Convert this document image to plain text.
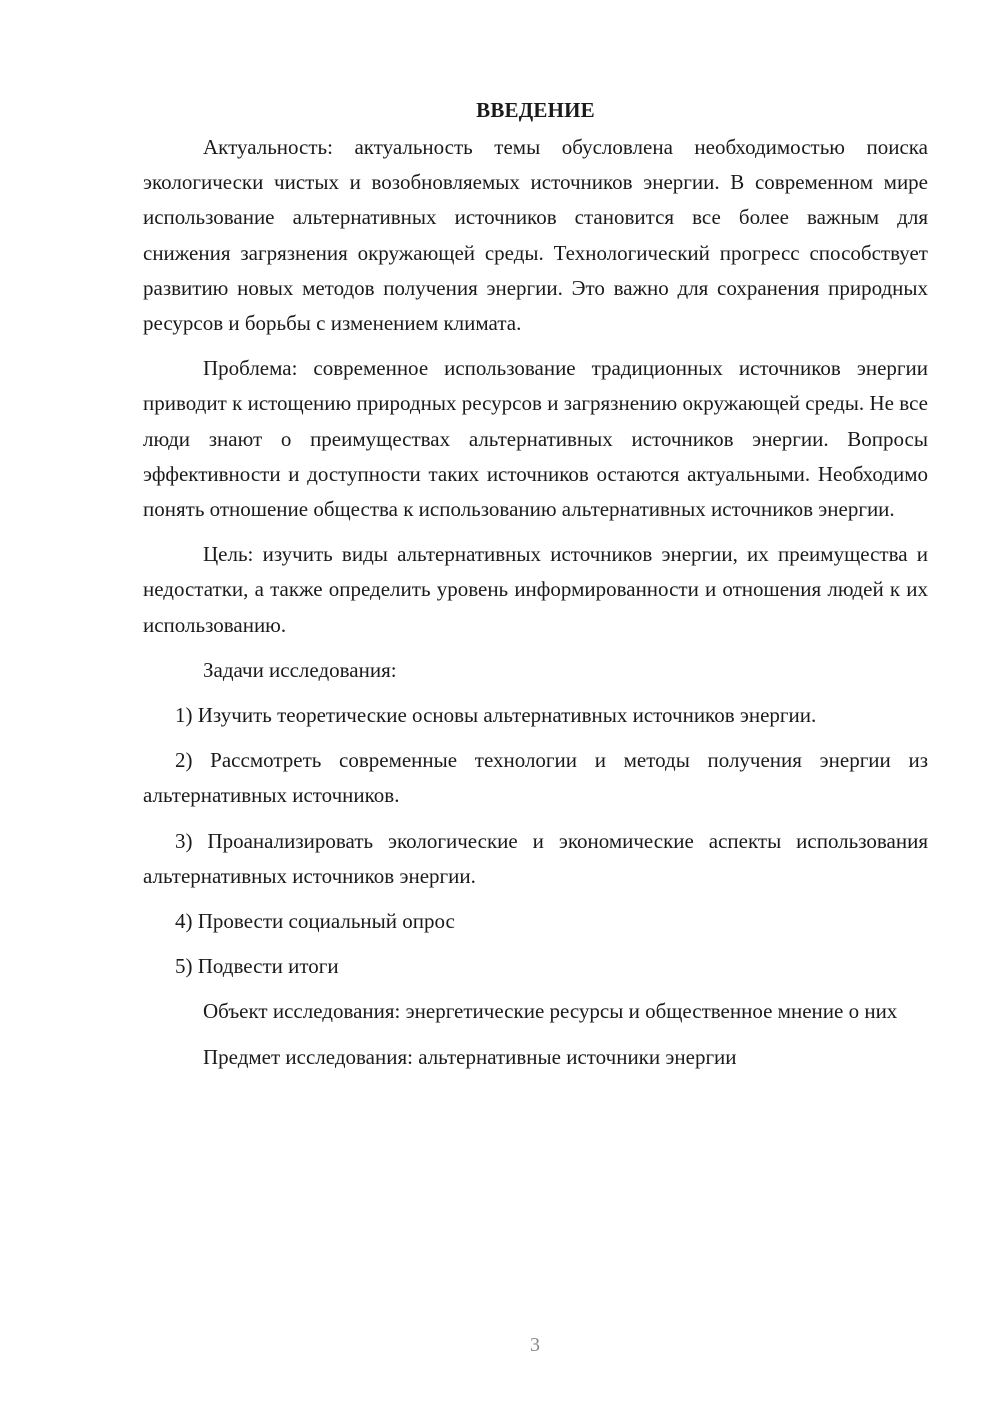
ВВЕДЕНИЕ

Актуальность: актуальность темы обусловлена необходимостью поиска экологически чистых и возобновляемых источников энергии. В современном мире использование альтернативных источников становится все более важным для снижения загрязнения окружающей среды. Технологический прогресс способствует развитию новых методов получения энергии. Это важно для сохранения природных ресурсов и борьбы с изменением климата.

Проблема: современное использование традиционных источников энергии приводит к истощению природных ресурсов и загрязнению окружающей среды. Не все люди знают о преимуществах альтернативных источников энергии. Вопросы эффективности и доступности таких источников остаются актуальными. Необходимо понять отношение общества к использованию альтернативных источников энергии.

Цель: изучить виды альтернативных источников энергии, их преимущества и недостатки, а также определить уровень информированности и отношения людей к их использованию.

Задачи исследования:

1) Изучить теоретические основы альтернативных источников энергии.

2) Рассмотреть современные технологии и методы получения энергии из альтернативных источников.

3) Проанализировать экологические и экономические аспекты использования альтернативных источников энергии.

4) Провести социальный опрос

5) Подвести итоги

Объект исследования: энергетические ресурсы и общественное мнение о них

Предмет исследования: альтернативные источники энергии

3
